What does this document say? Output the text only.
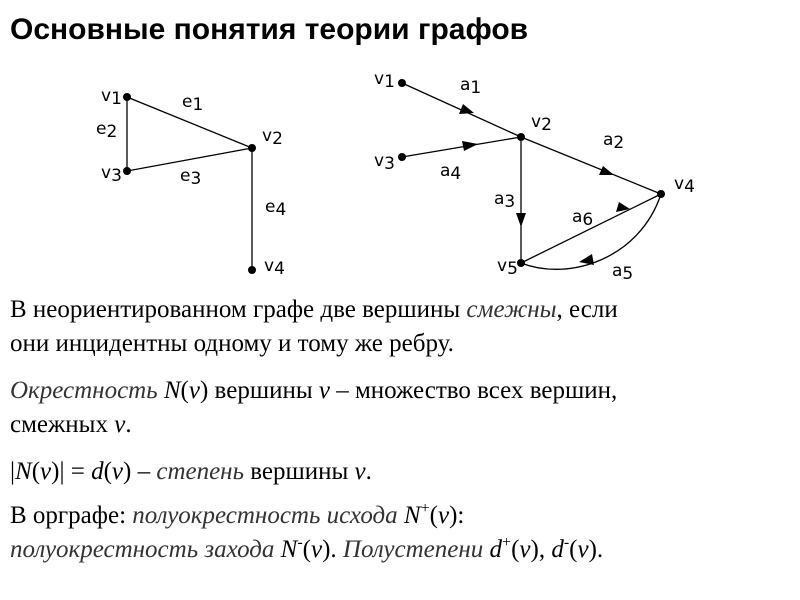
Основные понятия теории графов
v1
v2
v3
v4
e1
e2
e3
e4
v1
v2
v3
v4
v5
a1
a2
a3
a4
a5
a6
В неориентированном графе две вершины смежны, если
они инцидентны одному и тому же ребру.
Окрестность N(v) вершины v – множество всех вершин,
смежных v.
|N(v)| = d(v) – степень вершины v.
В орграфе: полуокрестность исхода N+(v):
полуокрестность захода N-(v). Полустепени d+(v), d-(v).
